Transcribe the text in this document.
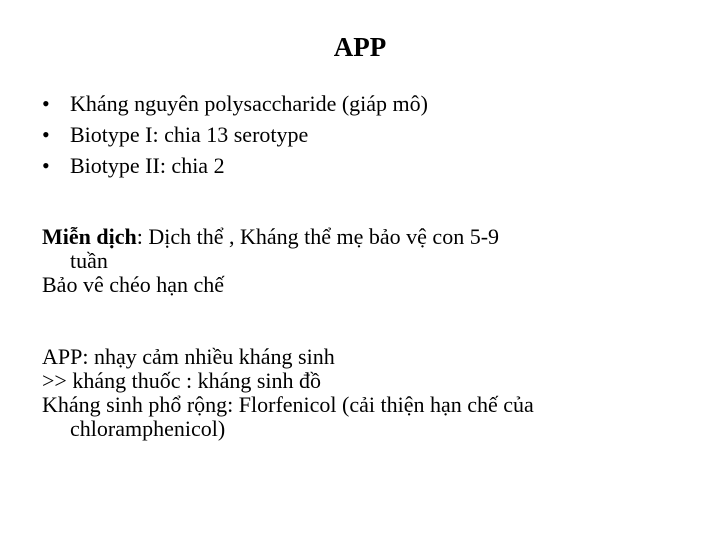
APP
• Kháng nguyên polysaccharide (giáp mô)
• Biotype I: chia 13 serotype
• Biotype II: chia 2
Miễn dịch: Dịch thể , Kháng thể mẹ bảo vệ con 5-9
tuần
Bảo vê chéo hạn chế
APP: nhạy cảm nhiều kháng sinh
>> kháng thuốc : kháng sinh đồ
Kháng sinh phổ rộng: Florfenicol (cải thiện hạn chế của
chloramphenicol)
